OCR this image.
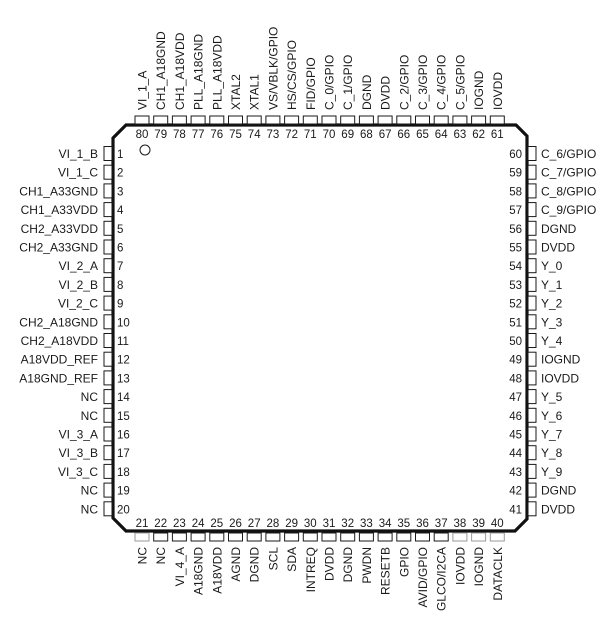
1
VI_1_B
2
VI_1_C
3
CH1_A33GND
4
CH1_A33VDD
5
CH2_A33VDD
6
CH2_A33GND
7
VI_2_A
8
VI_2_B
9
VI_2_C
10
CH2_A18GND
11
CH2_A18VDD
12
A18VDD_REF
13
A18GND_REF
14
NC
15
NC
16
VI_3_A
17
VI_3_B
18
VI_3_C
19
NC
20
NC
60 C_6/GPIO
59 C_7/GPIO
58 C_8/GPIO
57 C_9/GPIO
56 DGND
55 DVDD
54 Y_0
53 Y_1
52 Y_2
51 Y_3
50 Y_4
49 IOGND
48 IOVDD
47 Y_5
46 Y_6
45 Y_7
44 Y_8
43 Y_9
42 DGND
41 DVDD
80
VI_1_A
79
CH1_A18GND
78
CH1_A18VDD
77
PLL_A18GND
76
PLL_A18VDD
75
XTAL2
74
XTAL1
73
VS/VBLK/GPIO
72
HS/CS/GPIO
71
FID/GPIO
70
C_0/GPIO
69
C_1/GPIO
68
DGND
67
DVDD
66
C_2/GPIO
65
C_3/GPIO
64
C_4/GPIO
63
C_5/GPIO
62
IOGND
61
IOVDD
21
NC
22
NC
23
VI_4_A
24
A18GND
25
A18VDD
26
AGND
27
DGND
28
SCL
29
SDA
30
INTREQ
31
DVDD
32
DGND
33
PWDN
34
RESETB
35
GPIO
36
AVID/GPIO
37
GLCO/I2CA
38
IOVDD
39
IOGND
40
DATACLK
